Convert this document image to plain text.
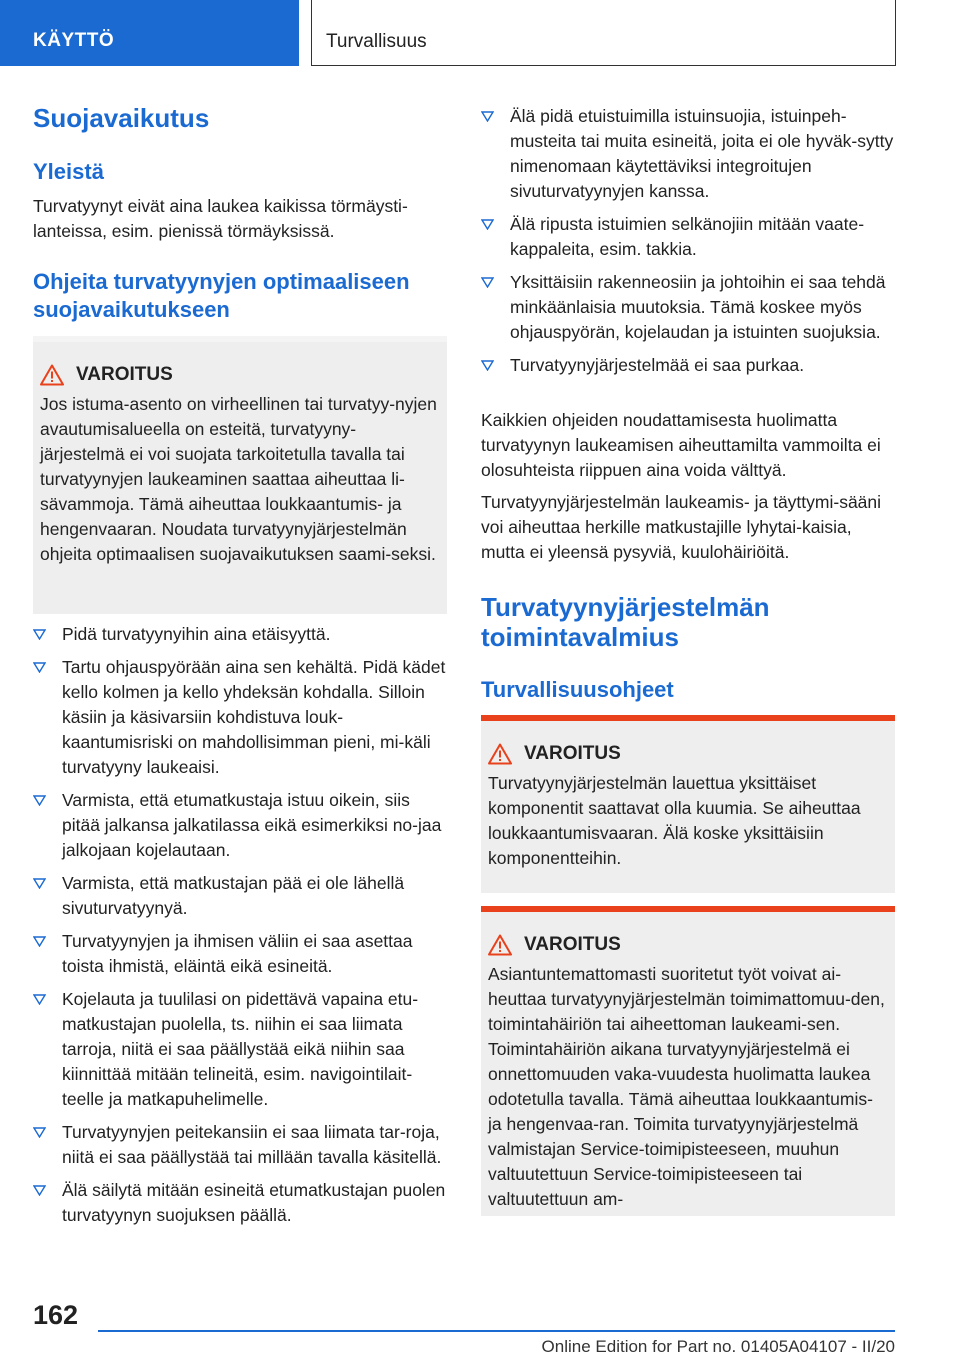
KÄYTTÖ	Turvallisuus
Suojavaikutus
Yleistä
Turvatyynyt eivät aina laukea kaikissa törmäysti-lanteissa, esim. pienissä törmäyksissä.
Ohjeita turvatyynyjen optimaaliseen suojavaikutukseen
VAROITUS
Jos istuma-asento on virheellinen tai turvatyy-nyjen avautumisalueella on esteitä, turvatyyny-järjestelmä ei voi suojata tarkoitetulla tavalla tai turvatyynyjen laukeaminen saattaa aiheuttaa li-sävammoja. Tämä aiheuttaa loukkaantumis- ja hengenvaaran. Noudata turvatyynyjärjestelmän ohjeita optimaalisen suojavaikutuksen saami-seksi.
Pidä turvatyynyihin aina etäisyyttä.
Tartu ohjauspyörään aina sen kehältä. Pidä kädet kello kolmen ja kello yhdeksän kohdalla. Silloin käsiin ja käsivarsiin kohdistuva louk-kaantumisriski on mahdollisimman pieni, mi-käli turvatyyny laukeaisi.
Varmista, että etumatkustaja istuu oikein, siis pitää jalkansa jalkatilassa eikä esimerkiksi no-jaa jalkojaan kojelautaan.
Varmista, että matkustajan pää ei ole lähellä sivuturvatyynyä.
Turvatyynyjen ja ihmisen väliin ei saa asettaa toista ihmistä, eläintä eikä esineitä.
Kojelauta ja tuulilasi on pidettävä vapaina etu-matkustajan puolella, ts. niihin ei saa liimata tarroja, niitä ei saa päällystää eikä niihin saa kiinnittää mitään telineitä, esim. navigointilait-teelle ja matkapuhelimelle.
Turvatyynyjen peitekansiin ei saa liimata tar-roja, niitä ei saa päällystää tai millään tavalla käsitellä.
Älä säilytä mitään esineitä etumatkustajan puolen turvatyynyn suojuksen päällä.
Älä pidä etuistuimilla istuinsuojia, istuinpeh-musteita tai muita esineitä, joita ei ole hyväk-sytty nimenomaan käytettäviksi integroitujen sivuturvatyynyjen kanssa.
Älä ripusta istuimien selkänojiin mitään vaate-kappaleita, esim. takkia.
Yksittäisiin rakenneosiin ja johtoihin ei saa tehdä minkäänlaisia muutoksia. Tämä koskee myös ohjauspyörän, kojelaudan ja istuinten suojuksia.
Turvatyynyjärjestelmää ei saa purkaa.
Kaikkien ohjeiden noudattamisesta huolimatta turvatyynyn laukeamisen aiheuttamilta vammoilta ei olosuhteista riippuen aina voida välttyä.
Turvatyynyjärjestelmän laukeamis- ja täyttymi-sääni voi aiheuttaa herkille matkustajille lyhytai-kaisia, mutta ei yleensä pysyviä, kuulohäiriöitä.
Turvatyynyjärjestelmän toimintavalmius
Turvallisuusohjeet
VAROITUS
Turvatyynyjärjestelmän lauettua yksittäiset komponentit saattavat olla kuumia. Se aiheuttaa loukkaantumisvaaran. Älä koske yksittäisiin komponentteihin.
VAROITUS
Asiantuntemattomasti suoritetut työt voivat ai-heuttaa turvatyynyjärjestelmän toimimattomuu-den, toimintahäiriön tai aiheettoman laukeami-sen. Toimintahäiriön aikana turvatyynyjärjestelmä ei onnettomuuden vaka-vuudesta huolimatta laukea odotetulla tavalla. Tämä aiheuttaa loukkaantumis- ja hengenvaa-ran. Toimita turvatyynyjärjestelmä valmistajan Service-toimipisteeseen, muuhun valtuutettuun Service-toimipisteeseen tai valtuutettuun am-
162
Online Edition for Part no. 01405A04107 - II/20
